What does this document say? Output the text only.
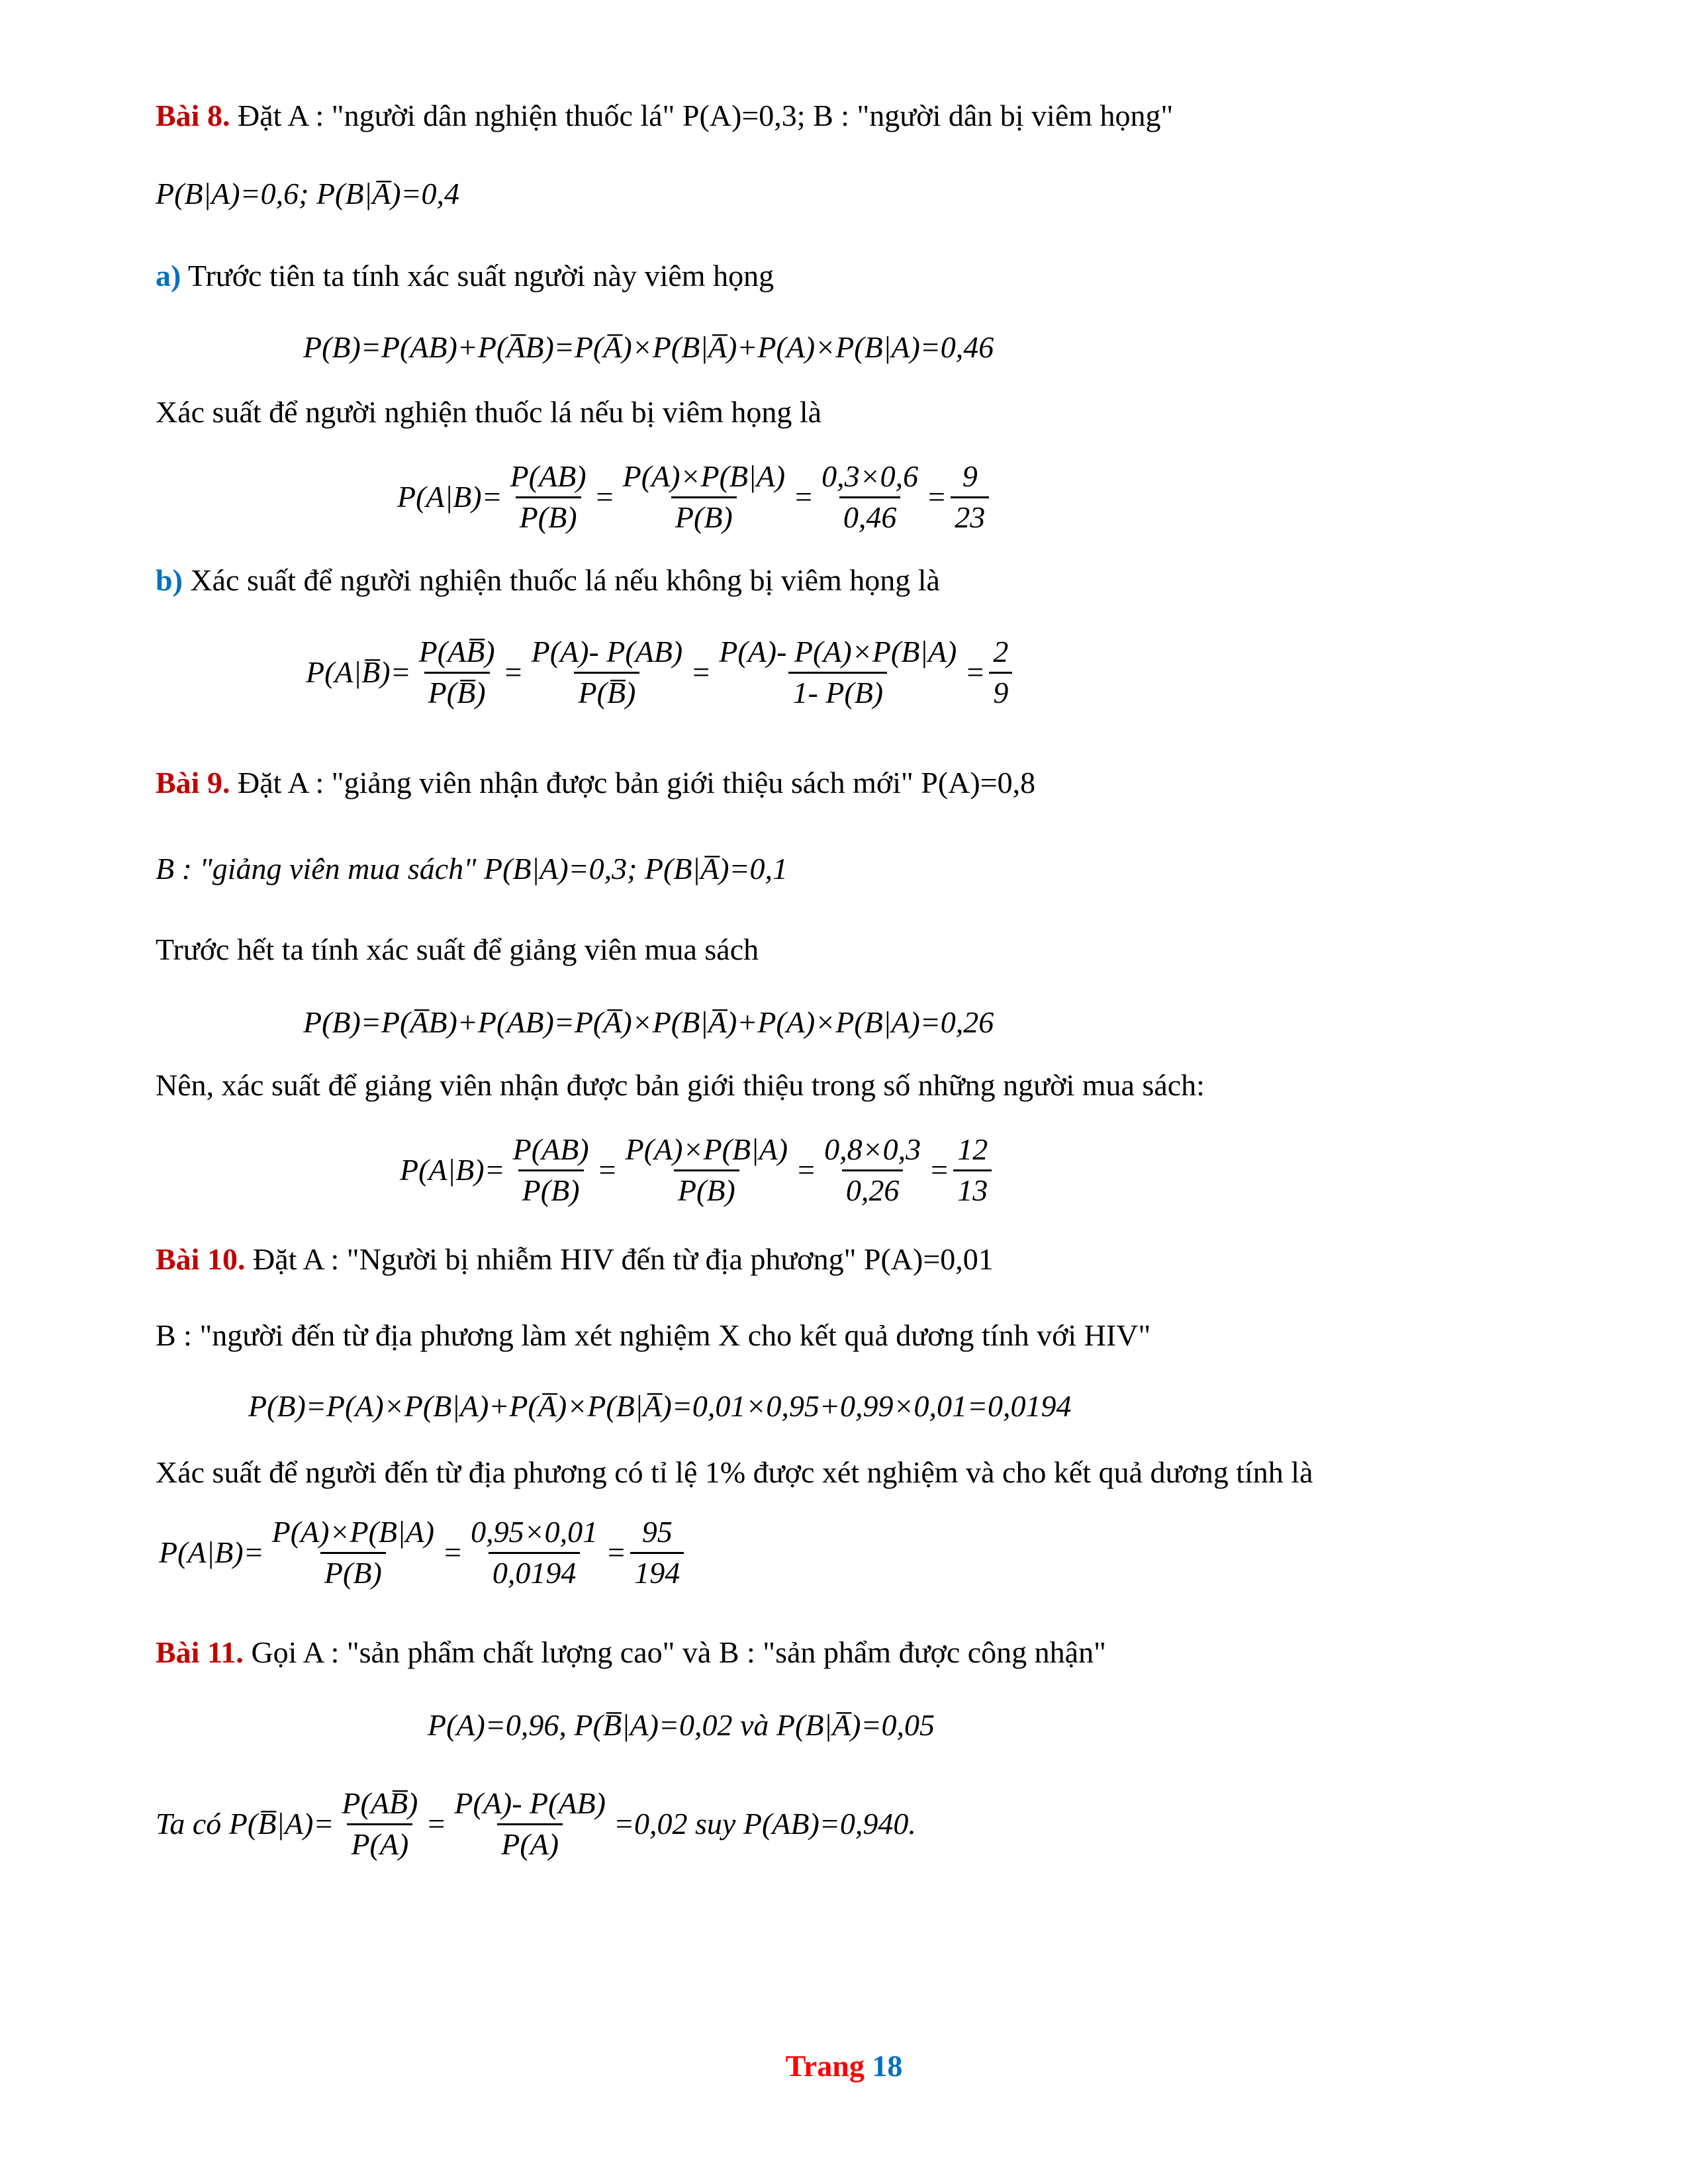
Bài 8. Đặt A : "người dân nghiện thuốc lá" P(A)=0,3; B : "người dân bị viêm họng"
P(B|A)=0,6; P(B|A̅)=0,4
a) Trước tiên ta tính xác suất người này viêm họng
P(B)=P(AB)+P(A̅B)=P(A̅)×P(B|A̅)+P(A)×P(B|A)=0,46
Xác suất để người nghiện thuốc lá nếu bị viêm họng là
$P(A|B)= \frac{P(AB)}{P(B)} = \frac{P(A)\times P(B|A)}{P(B)} = \frac{0,3\times 0,6}{0,46} = \frac{9}{23}$
b) Xác suất để người nghiện thuốc lá nếu không bị viêm họng là
P(A|B̅)= $\frac{P(AB̅)}{P(B̅)} = \frac{P(A)- P(AB)}{P(B̅)} = \frac{P(A)- P(A)\times P(B|A)}{1- P(B)} = \frac{2}{9}$
Bài 9. Đặt A : "giảng viên nhận được bản giới thiệu sách mới" P(A)=0,8
B : "giảng viên mua sách" P(B|A)=0,3; P(B|A̅)=0,1
Trước hết ta tính xác suất để giảng viên mua sách
P(B)=P(A̅B)+P(AB)=P(A̅)×P(B|A̅)+P(A)×P(B|A)=0,26
Nên, xác suất để giảng viên nhận được bản giới thiệu trong số những người mua sách:
$P(A|B)= \frac{P(AB)}{P(B)} = \frac{P(A)\times P(B|A)}{P(B)} = \frac{0,8\times 0,3}{0,26} = \frac{12}{13}$
Bài 10. Đặt A : "Người bị nhiễm HIV đến từ địa phương" P(A)=0,01
B : "người đến từ địa phương làm xét nghiệm X cho kết quả dương tính với HIV"
P(B)=P(A)×P(B|A)+P(A̅)×P(B|A̅)=0,01×0,95+0,99×0,01=0,0194
Xác suất để người đến từ địa phương có tỉ lệ 1% được xét nghiệm và cho kết quả dương tính là
$P(A|B)= \frac{P(A)\times P(B|A)}{P(B)} = \frac{0,95\times 0,01}{0,0194} = \frac{95}{194}$
Bài 11. Gọi A : "sản phẩm chất lượng cao" và B : "sản phẩm được công nhận"
P(A)=0,96, P(B̅|A)=0,02 và P(B|A̅)=0,05
Ta có P(B̅|A)= $\frac{P(AB̅)}{P(A)} = \frac{P(A)- P(AB)}{P(A)} =0,02$ suy P(AB)=0,940.
Trang 18
